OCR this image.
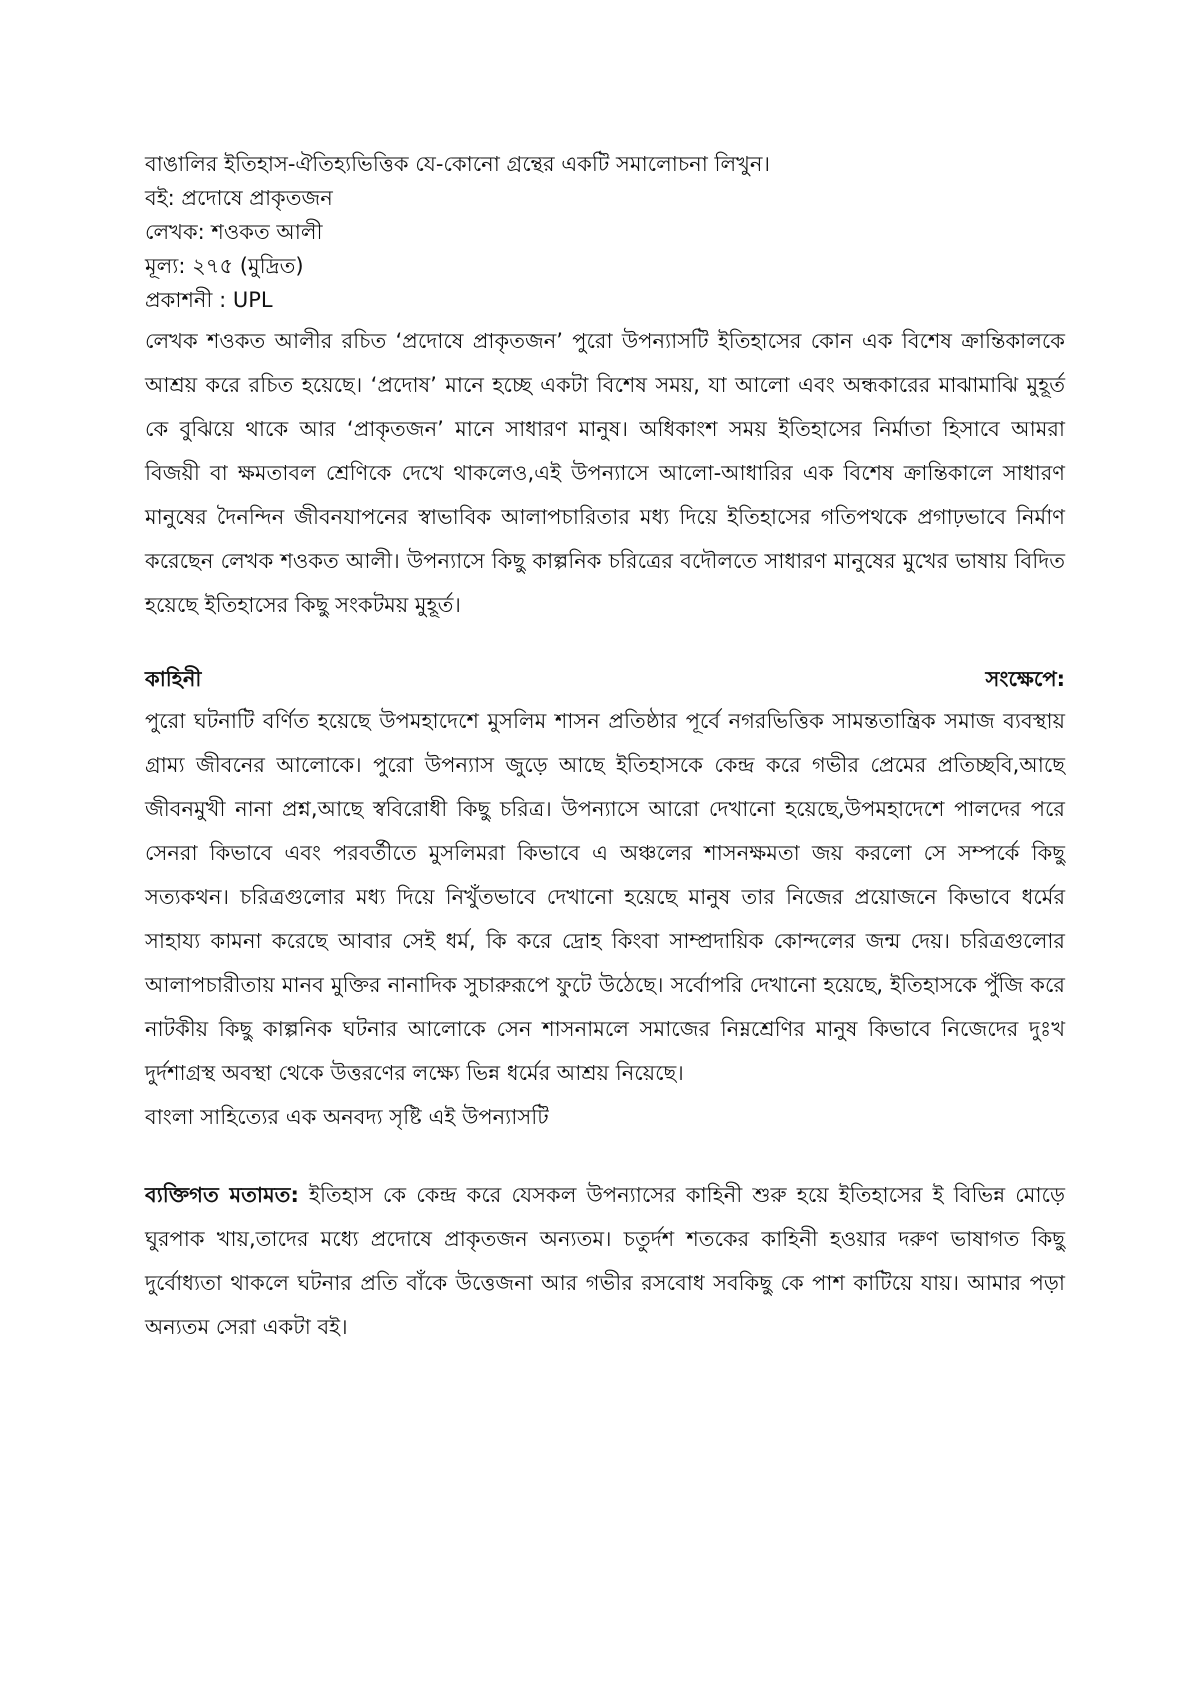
বাঙালির ইতিহাস-ঐতিহ্যভিত্তিক যে-কোনো গ্রন্থের একটি সমালোচনা লিখুন।
বই: প্রদোষে প্রাকৃতজন
লেখক: শওকত আলী
মূল্য: ২৭৫ (মুদ্রিত)
প্রকাশনী : UPL

লেখক শওকত আলীর রচিত ‘প্রদোষে প্রাকৃতজন’ পুরো উপন্যাসটি ইতিহাসের কোন এক বিশেষ ক্রান্তিকালকে আশ্রয় করে রচিত হয়েছে। ‘প্রদোষ’ মানে হচ্ছে একটা বিশেষ সময়, যা আলো এবং অন্ধকারের মাঝামাঝি মুহূর্ত কে বুঝিয়ে থাকে আর ‘প্রাকৃতজন’ মানে সাধারণ মানুষ। অধিকাংশ সময় ইতিহাসের নির্মাতা হিসাবে আমরা বিজয়ী বা ক্ষমতাবল শ্রেণিকে দেখে থাকলেও,এই উপন্যাসে আলো-আধারির এক বিশেষ ক্রান্তিকালে সাধারণ মানুষের দৈনন্দিন জীবনযাপনের স্বাভাবিক আলাপচারিতার মধ্য দিয়ে ইতিহাসের গতিপথকে প্রগাঢ়ভাবে নির্মাণ করেছেন লেখক শওকত আলী। উপন্যাসে কিছু কাল্পনিক চরিত্রের বদৌলতে সাধারণ মানুষের মুখের ভাষায় বিদিত হয়েছে ইতিহাসের কিছু সংকটময় মুহূর্ত।

কাহিনী	সংক্ষেপে:
পুরো ঘটনাটি বর্ণিত হয়েছে উপমহাদেশে মুসলিম শাসন প্রতিষ্ঠার পূর্বে নগরভিত্তিক সামন্ততান্ত্রিক সমাজ ব্যবস্থায় গ্রাম্য জীবনের আলোকে। পুরো উপন্যাস জুড়ে আছে ইতিহাসকে কেন্দ্র করে গভীর প্রেমের প্রতিচ্ছবি,আছে জীবনমুখী নানা প্রশ্ন,আছে স্ববিরোধী কিছু চরিত্র। উপন্যাসে আরো দেখানো হয়েছে,উপমহাদেশে পালদের পরে সেনরা কিভাবে এবং পরবর্তীতে মুসলিমরা কিভাবে এ অঞ্চলের শাসনক্ষমতা জয় করলো সে সম্পর্কে কিছু সত্যকথন। চরিত্রগুলোর মধ্য দিয়ে নিখুঁতভাবে দেখানো হয়েছে মানুষ তার নিজের প্রয়োজনে কিভাবে ধর্মের সাহায্য কামনা করেছে আবার সেই ধর্ম, কি করে দ্রোহ কিংবা সাম্প্রদায়িক কোন্দলের জন্ম দেয়। চরিত্রগুলোর আলাপচারীতায় মানব মুক্তির নানাদিক সুচারুরূপে ফুটে উঠেছে। সর্বোপরি দেখানো হয়েছে, ইতিহাসকে পুঁজি করে নাটকীয় কিছু কাল্পনিক ঘটনার আলোকে সেন শাসনামলে সমাজের নিম্নশ্রেণির মানুষ কিভাবে নিজেদের দুঃখ দুর্দশাগ্রস্থ অবস্থা থেকে উত্তরণের লক্ষ্যে ভিন্ন ধর্মের আশ্রয় নিয়েছে।
বাংলা সাহিত্যের এক অনবদ্য সৃষ্টি এই উপন্যাসটি
ব্যক্তিগত মতামত: ইতিহাস কে কেন্দ্র করে যেসকল উপন্যাসের কাহিনী শুরু হয়ে ইতিহাসের ই বিভিন্ন মোড়ে ঘুরপাক খায়,তাদের মধ্যে প্রদোষে প্রাকৃতজন অন্যতম। চতুর্দশ শতকের কাহিনী হওয়ার দরুণ ভাষাগত কিছু দুর্বোধ্যতা থাকলে ঘটনার প্রতি বাঁকে উত্তেজনা আর গভীর রসবোধ সবকিছু কে পাশ কাটিয়ে যায়। আমার পড়া অন্যতম সেরা একটা বই।
